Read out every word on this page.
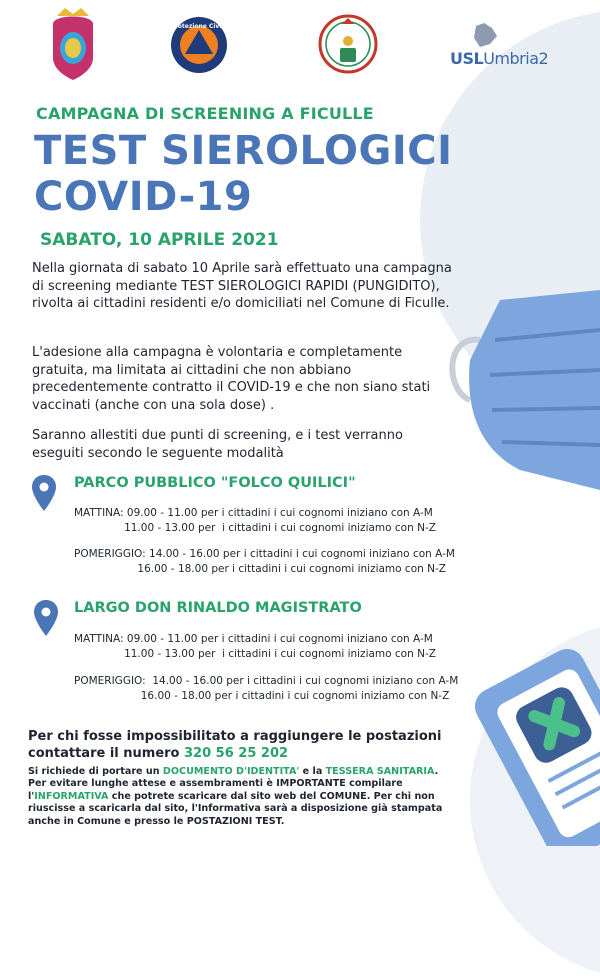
Protezione Civile
USLUmbria2
CAMPAGNA DI SCREENING A FICULLE
TEST SIEROLOGICI
COVID-19
SABATO, 10 APRILE 2021
Nella giornata di sabato 10 Aprile sarà effettuato una campagna di screening mediante TEST SIEROLOGICI RAPIDI (PUNGIDITO), rivolta ai cittadini residenti e/o domiciliati nel Comune di Ficulle.
L'adesione alla campagna è volontaria e completamente gratuita, ma limitata ai cittadini che non abbiano precedentemente contratto il COVID-19 e che non siano stati vaccinati (anche con una sola dose) .
Saranno allestiti due punti di screening, e i test verranno eseguiti secondo le seguente modalità
PARCO PUBBLICO "FOLCO QUILICI"
MATTINA: 09.00 - 11.00 per i cittadini i cui cognomi iniziano con A-M
11.00 - 13.00 per  i cittadini i cui cognomi iniziamo con N-Z
POMERIGGIO: 14.00 - 16.00 per i cittadini i cui cognomi iniziano con A-M
16.00 - 18.00 per i cittadini i cui cognomi iniziamo con N-Z
LARGO DON RINALDO MAGISTRATO
MATTINA: 09.00 - 11.00 per i cittadini i cui cognomi iniziano con A-M
11.00 - 13.00 per  i cittadini i cui cognomi iniziamo con N-Z
POMERIGGIO:  14.00 - 16.00 per i cittadini i cui cognomi iniziano con A-M
16.00 - 18.00 per i cittadini i cui cognomi iniziamo con N-Z
Per chi fosse impossibilitato a raggiungere le postazioni
contattare il numero 320 56 25 202
Si richiede di portare un DOCUMENTO D'IDENTITA' e la TESSERA SANITARIA. Per evitare lunghe attese e assembramenti è IMPORTANTE compilare l'INFORMATIVA che potrete scaricare dal sito web del COMUNE. Per chi non riuscisse a scaricarla dal sito, l'Informativa sarà a disposizione già stampata anche in Comune e presso le POSTAZIONI TEST.
